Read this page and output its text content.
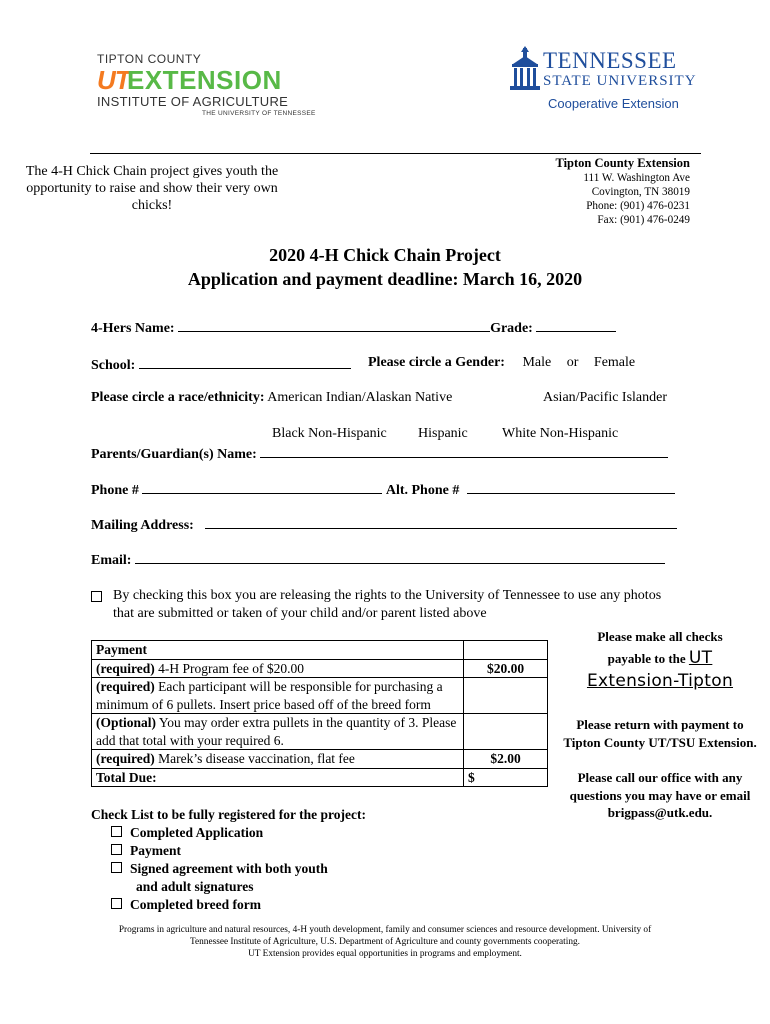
TIPTON COUNTY
UT
EXTENSION
INSTITUTE OF AGRICULTURE
THE UNIVERSITY OF TENNESSEE
TENNESSEE
STATE UNIVERSITY
Cooperative Extension
The 4-H Chick Chain project gives youth the opportunity to raise and show their very own chicks!
Tipton County Extension
111 W. Washington Ave
Covington, TN 38019
Phone: (901) 476-0231
Fax: (901) 476-0249
2020 4-H Chick Chain Project
Application and payment deadline: March 16, 2020
4-Hers Name:	Grade:
School:	Please circle a Gender: Male or Female
Please circle a race/ethnicity: American Indian/Alaskan Native	Asian/Pacific Islander
Black Non-Hispanic Hispanic White Non-Hispanic
Parents/Guardian(s) Name:
Phone #	Alt. Phone #
Mailing Address:
Email:
By checking this box you are releasing the rights to the University of Tennessee to use any photos that are submitted or taken of your child and/or parent listed above
Payment	
(required) 4-H Program fee of $20.00	$20.00
(required) Each participant will be responsible for purchasing a minimum of 6 pullets. Insert price based off of the breed form	
(Optional) You may order extra pullets in the quantity of 3. Please add that total with your required 6.	
(required) Marek’s disease vaccination, flat fee	$2.00
Total Due:	$
Please make all checks
payable to the UT
Extension-Tipton
Please return with payment to Tipton County UT/TSU Extension.
Please call our office with any questions you may have or email brigpass@utk.edu.
Check List to be fully registered for the project:
Completed Application
Payment
Signed agreement with both youth
and adult signatures
Completed breed form
Programs in agriculture and natural resources, 4-H youth development, family and consumer sciences and resource development. University of
Tennessee Institute of Agriculture, U.S. Department of Agriculture and county governments cooperating.
UT Extension provides equal opportunities in programs and employment.
